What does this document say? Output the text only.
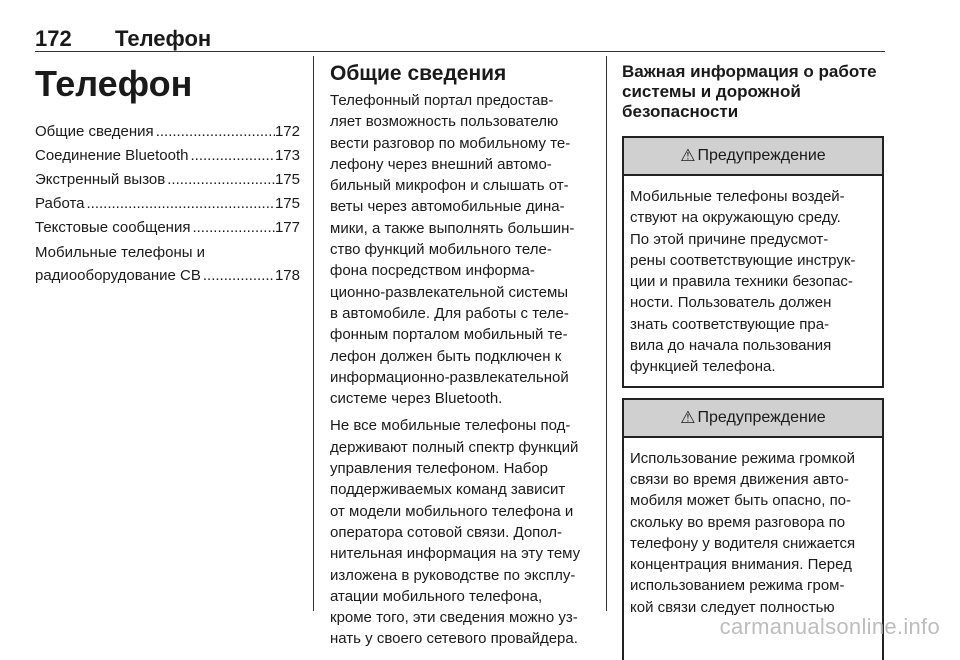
172 Телефон
Телефон
Общие сведения .....	172
Соединение Bluetooth .....	173
Экстренный вызов .....	175
Работа .....	175
Текстовые сообщения .....	177
Мобильные телефоны и
радиооборудование CB .....	178
Общие сведения
Телефонный портал предостав-
ляет возможность пользователю
вести разговор по мобильному те-
лефону через внешний автомо-
бильный микрофон и слышать от-
веты через автомобильные дина-
мики, а также выполнять большин-
ство функций мобильного теле-
фона посредством информа-
ционно-развлекательной системы
в автомобиле. Для работы с теле-
фонным порталом мобильный те-
лефон должен быть подключен к
информационно-развлекательной
системе через Bluetooth.
Не все мобильные телефоны под-
держивают полный спектр функций
управления телефоном. Набор
поддерживаемых команд зависит
от модели мобильного телефона и
оператора сотовой связи. Допол-
нительная информация на эту тему
изложена в руководстве по эксплу-
атации мобильного телефона,
кроме того, эти сведения можно уз-
нать у своего сетевого провайдера.
Важная информация о работе
системы и дорожной
безопасности
⚠ Предупреждение
Мобильные телефоны воздей-
ствуют на окружающую среду.
По этой причине предусмот-
рены соответствующие инструк-
ции и правила техники безопас-
ности. Пользователь должен
знать соответствующие пра-
вила до начала пользования
функцией телефона.
⚠ Предупреждение
Использование режима громкой
связи во время движения авто-
мобиля может быть опасно, по-
скольку во время разговора по
телефону у водителя снижается
концентрация внимания. Перед
использованием режима гром-
кой связи следует полностью
carmanualsonline.info
